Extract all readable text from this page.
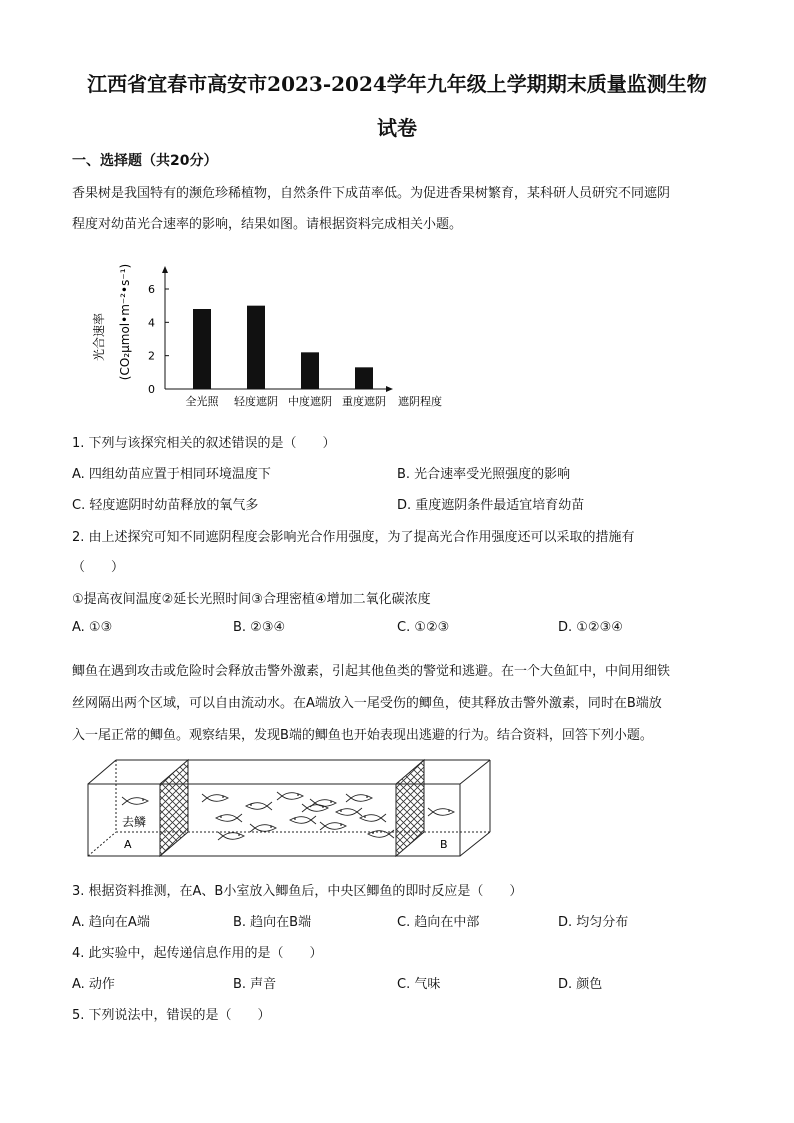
江西省宜春市高安市2023-2024学年九年级上学期期末质量监测生物
试卷
一、选择题（共20分）
香果树是我国特有的濒危珍稀植物，自然条件下成苗率低。为促进香果树繁育，某科研人员研究不同遮阴
程度对幼苗光合速率的影响，结果如图。请根据资料完成相关小题。
0
2
4
6
全光照 轻度遮阴 中度遮阴 重度遮阴 遮阴程度
光合速率 (CO₂μmol•m⁻²•s⁻¹)
1. 下列与该探究相关的叙述错误的是（　　）
A. 四组幼苗应置于相同环境温度下	B. 光合速率受光照强度的影响
C. 轻度遮阴时幼苗释放的氧气多	D. 重度遮阴条件最适宜培育幼苗
2. 由上述探究可知不同遮阴程度会影响光合作用强度，为了提高光合作用强度还可以采取的措施有
（　　）
①提高夜间温度②延长光照时间③合理密植④增加二氧化碳浓度
A. ①③	B. ②③④	C. ①②③	D. ①②③④
鲫鱼在遇到攻击或危险时会释放击警外激素，引起其他鱼类的警觉和逃避。在一个大鱼缸中，中间用细铁
丝网隔出两个区域，可以自由流动水。在A端放入一尾受伤的鲫鱼，使其释放击警外激素，同时在B端放
入一尾正常的鲫鱼。观察结果，发现B端的鲫鱼也开始表现出逃避的行为。结合资料，回答下列小题。
A	B
去鳞
3. 根据资料推测，在A、B小室放入鲫鱼后，中央区鲫鱼的即时反应是（　　）
A. 趋向在A端	B. 趋向在B端	C. 趋向在中部	D. 均匀分布
4. 此实验中，起传递信息作用的是（　　）
A. 动作	B. 声音	C. 气味	D. 颜色
5. 下列说法中，错误的是（　　）
